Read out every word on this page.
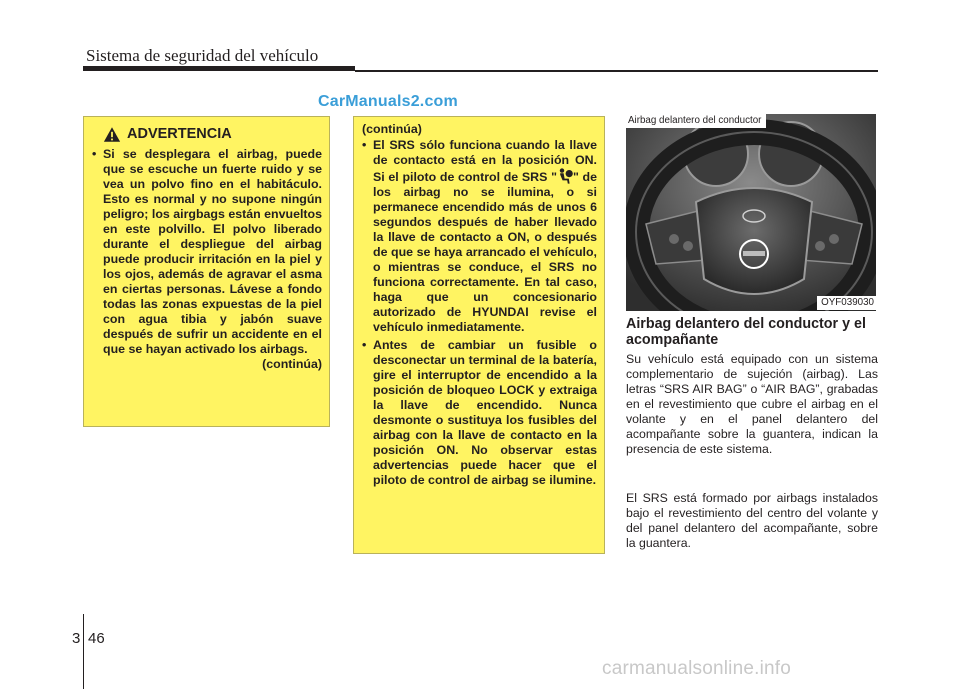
Sistema de seguridad del vehículo
CarManuals2.com
ADVERTENCIA

• Si se desplegara el airbag, puede que se escuche un fuerte ruido y se vea un polvo fino en el habitáculo. Esto es normal y no supone ningún peligro; los airgbags están envueltos en este polvillo. El polvo liberado durante el despliegue del airbag puede producir irritación en la piel y los ojos, además de agravar el asma en ciertas personas. Lávese a fondo todas las zonas expuestas de la piel con agua tibia y jabón suave después de sufrir un accidente en el que se hayan activado los airbags.

(continúa)

(continúa)

• El SRS sólo funciona cuando la llave de contacto está en la posición ON. Si el piloto de control de SRS " " de los airbag no se ilumina, o si permanece encendido más de unos 6 segundos después de haber llevado la llave de contacto a ON, o después de que se haya arrancado el vehículo, o mientras se conduce, el SRS no funciona correctamente. En tal caso, haga que un concesionario autorizado de HYUNDAI revise el vehículo inmediatamente.

• Antes de cambiar un fusible o desconectar un terminal de la batería, gire el interruptor de encendido a la posición de bloqueo LOCK y extraiga la llave de encendido. Nunca desmonte o sustituya los fusibles del airbag con la llave de contacto en la posición ON. No observar estas advertencias puede hacer que el piloto de control de airbag se ilumine.

Airbag delantero del conductor
OYF039030
Airbag delantero del conductor y el acompañante

Su vehículo está equipado con un sistema complementario de sujeción (airbag). Las letras “SRS AIR BAG” o “AIR BAG”, grabadas en el revestimiento que cubre el airbag en el volante y en el panel delantero del acompañante sobre la guantera, indican la presencia de este sistema.

El SRS está formado por airbags instalados bajo el revestimiento del centro del volante y del panel delantero del acompañante, sobre la guantera.

3 46
carmanualsonline.info
